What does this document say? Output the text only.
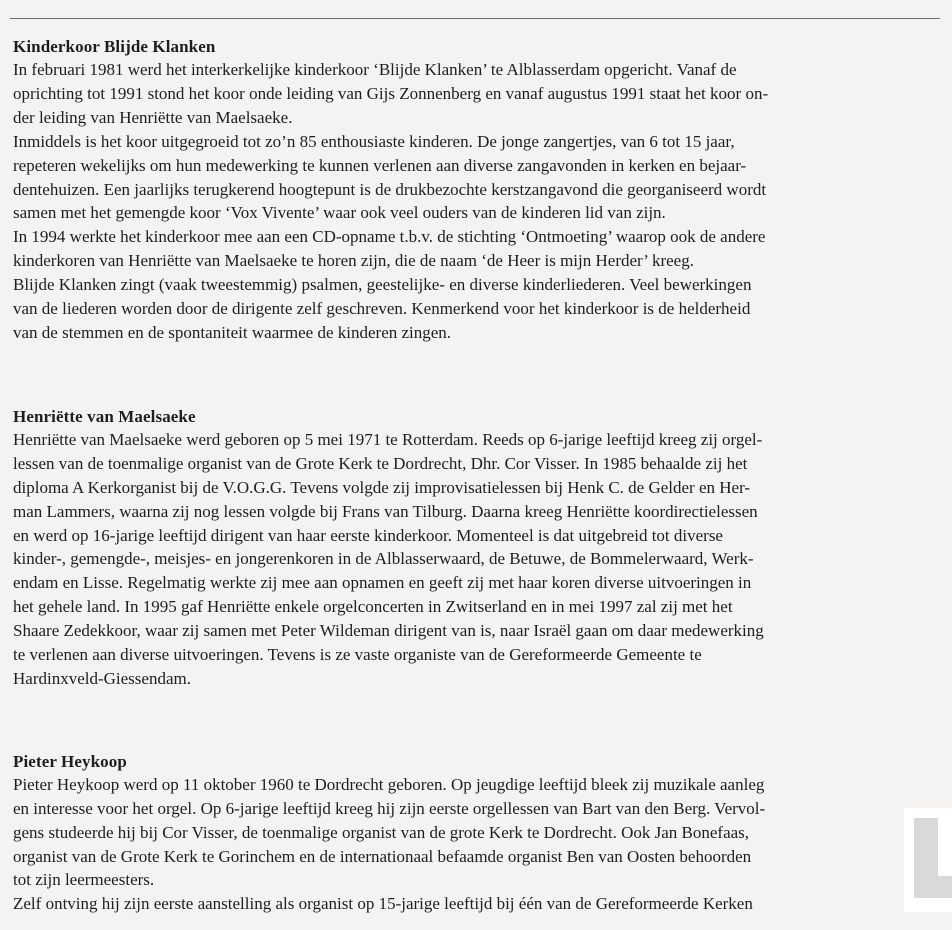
Kinderkoor Blijde Klanken
In februari 1981 werd het interkerkelijke kinderkoor ‘Blijde Klanken’ te Alblasserdam opgericht. Vanaf de
oprichting tot 1991 stond het koor onde leiding van Gijs Zonnenberg en vanaf augustus 1991 staat het koor on-
der leiding van Henriëtte van Maelsaeke.
Inmiddels is het koor uitgegroeid tot zo’n 85 enthousiaste kinderen. De jonge zangertjes, van 6 tot 15 jaar,
repeteren wekelijks om hun medewerking te kunnen verlenen aan diverse zangavonden in kerken en bejaar-
dentehuizen. Een jaarlijks terugkerend hoogtepunt is de drukbezochte kerstzangavond die georganiseerd wordt
samen met het gemengde koor ‘Vox Vivente’ waar ook veel ouders van de kinderen lid van zijn.
In 1994 werkte het kinderkoor mee aan een CD-opname t.b.v. de stichting ‘Ontmoeting’ waarop ook de andere
kinderkoren van Henriëtte van Maelsaeke te horen zijn, die de naam ‘de Heer is mijn Herder’ kreeg.
Blijde Klanken zingt (vaak tweestemmig) psalmen, geestelijke- en diverse kinderliederen. Veel bewerkingen
van de liederen worden door de dirigente zelf geschreven. Kenmerkend voor het kinderkoor is de helderheid
van de stemmen en de spontaniteit waarmee de kinderen zingen.
Henriëtte van Maelsaeke
Henriëtte van Maelsaeke werd geboren op 5 mei 1971 te Rotterdam. Reeds op 6-jarige leeftijd kreeg zij orgel-
lessen van de toenmalige organist van de Grote Kerk te Dordrecht, Dhr. Cor Visser. In 1985 behaalde zij het
diploma A Kerkorganist bij de V.O.G.G. Tevens volgde zij improvisatielessen bij Henk C. de Gelder en Her-
man Lammers, waarna zij nog lessen volgde bij Frans van Tilburg. Daarna kreeg Henriëtte koordirectielessen
en werd op 16-jarige leeftijd dirigent van haar eerste kinderkoor. Momenteel is dat uitgebreid tot diverse
kinder-, gemengde-, meisjes- en jongerenkoren in de Alblasserwaard, de Betuwe, de Bommelerwaard, Werk-
endam en Lisse. Regelmatig werkte zij mee aan opnamen en geeft zij met haar koren diverse uitvoeringen in
het gehele land. In 1995 gaf Henriëtte enkele orgelconcerten in Zwitserland en in mei 1997 zal zij met het
Shaare Zedekkoor, waar zij samen met Peter Wildeman dirigent van is, naar Israël gaan om daar medewerking
te verlenen aan diverse uitvoeringen. Tevens is ze vaste organiste van de Gereformeerde Gemeente te
Hardinxveld-Giessendam.
Pieter Heykoop
Pieter Heykoop werd op 11 oktober 1960 te Dordrecht geboren. Op jeugdige leeftijd bleek zij muzikale aanleg
en interesse voor het orgel. Op 6-jarige leeftijd kreeg hij zijn eerste orgellessen van Bart van den Berg. Vervol-
gens studeerde hij bij Cor Visser, de toenmalige organist van de grote Kerk te Dordrecht. Ook Jan Bonefaas,
organist van de Grote Kerk te Gorinchem en de internationaal befaamde organist Ben van Oosten behoorden
tot zijn leermeesters.
Zelf ontving hij zijn eerste aanstelling als organist op 15-jarige leeftijd bij één van de Gereformeerde Kerken
